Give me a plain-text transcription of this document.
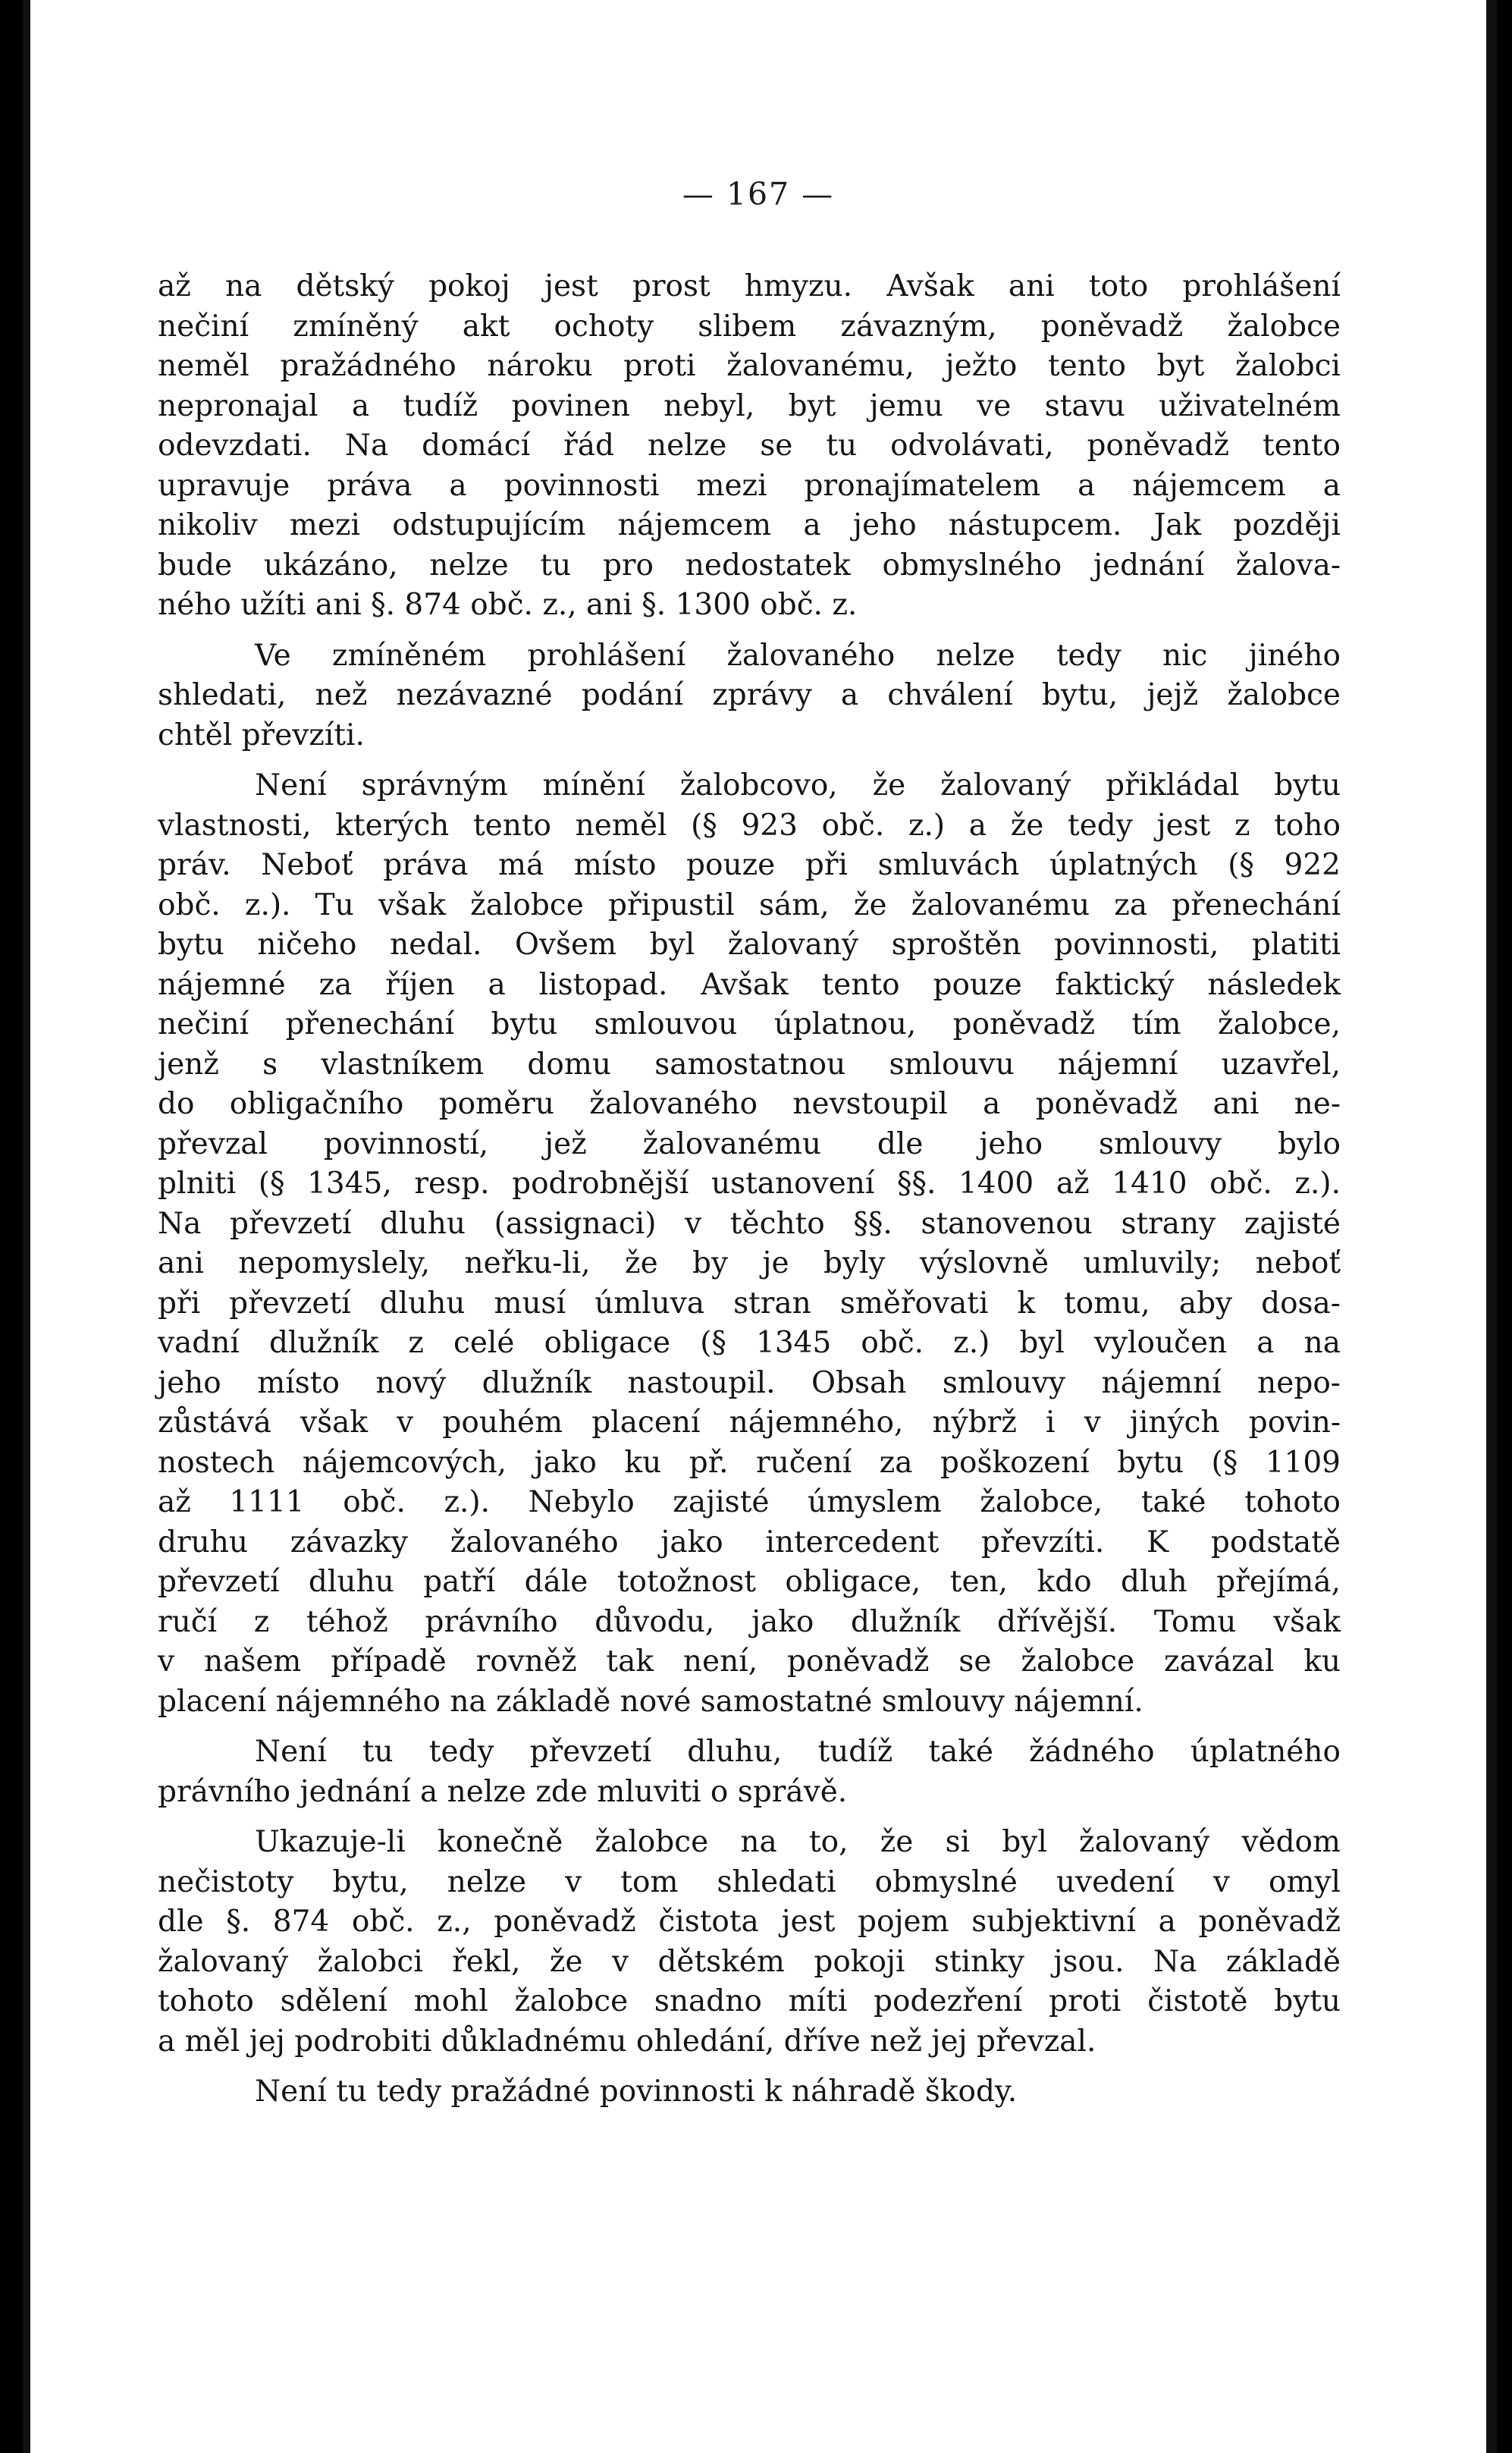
— 167 —
až na dětský pokoj jest prost hmyzu. Avšak ani toto prohlášení
nečiní zmíněný akt ochoty slibem závazným, poněvadž žalobce
neměl pražádného nároku proti žalovanému, ježto tento byt žalobci
nepronajal a tudíž povinen nebyl, byt jemu ve stavu uživatelném
odevzdati. Na domácí řád nelze se tu odvolávati, poněvadž tento
upravuje práva a povinnosti mezi pronajímatelem a nájemcem a
nikoliv mezi odstupujícím nájemcem a jeho nástupcem. Jak později
bude ukázáno, nelze tu pro nedostatek obmyslného jednání žalova-
ného užíti ani §. 874 obč. z., ani §. 1300 obč. z.
Ve zmíněném prohlášení žalovaného nelze tedy nic jiného
shledati, než nezávazné podání zprávy a chválení bytu, jejž žalobce
chtěl převzíti.
Není správným mínění žalobcovo, že žalovaný přikládal bytu
vlastnosti, kterých tento neměl (§ 923 obč. z.) a že tedy jest z toho
práv. Neboť práva má místo pouze při smluvách úplatných (§ 922
obč. z.). Tu však žalobce připustil sám, že žalovanému za přenechání
bytu ničeho nedal. Ovšem byl žalovaný sproštěn povinnosti, platiti
nájemné za říjen a listopad. Avšak tento pouze faktický následek
nečiní přenechání bytu smlouvou úplatnou, poněvadž tím žalobce,
jenž s vlastníkem domu samostatnou smlouvu nájemní uzavřel,
do obligačního poměru žalovaného nevstoupil a poněvadž ani ne-
převzal povinností, jež žalovanému dle jeho smlouvy bylo
plniti (§ 1345, resp. podrobnější ustanovení §§. 1400 až 1410 obč. z.).
Na převzetí dluhu (assignaci) v těchto §§. stanovenou strany zajisté
ani nepomyslely, neřku-li, že by je byly výslovně umluvily; neboť
při převzetí dluhu musí úmluva stran směřovati k tomu, aby dosa-
vadní dlužník z celé obligace (§ 1345 obč. z.) byl vyloučen a na
jeho místo nový dlužník nastoupil. Obsah smlouvy nájemní nepo-
zůstává však v pouhém placení nájemného, nýbrž i v jiných povin-
nostech nájemcových, jako ku př. ručení za poškození bytu (§ 1109
až 1111 obč. z.). Nebylo zajisté úmyslem žalobce, také tohoto
druhu závazky žalovaného jako intercedent převzíti. K podstatě
převzetí dluhu patří dále totožnost obligace, ten, kdo dluh přejímá,
ručí z téhož právního důvodu, jako dlužník dřívější. Tomu však
v našem případě rovněž tak není, poněvadž se žalobce zavázal ku
placení nájemného na základě nové samostatné smlouvy nájemní.
Není tu tedy převzetí dluhu, tudíž také žádného úplatného
právního jednání a nelze zde mluviti o správě.
Ukazuje-li konečně žalobce na to, že si byl žalovaný vědom
nečistoty bytu, nelze v tom shledati obmyslné uvedení v omyl
dle §. 874 obč. z., poněvadž čistota jest pojem subjektivní a poněvadž
žalovaný žalobci řekl, že v dětském pokoji stinky jsou. Na základě
tohoto sdělení mohl žalobce snadno míti podezření proti čistotě bytu
a měl jej podrobiti důkladnému ohledání, dříve než jej převzal.
Není tu tedy pražádné povinnosti k náhradě škody.
